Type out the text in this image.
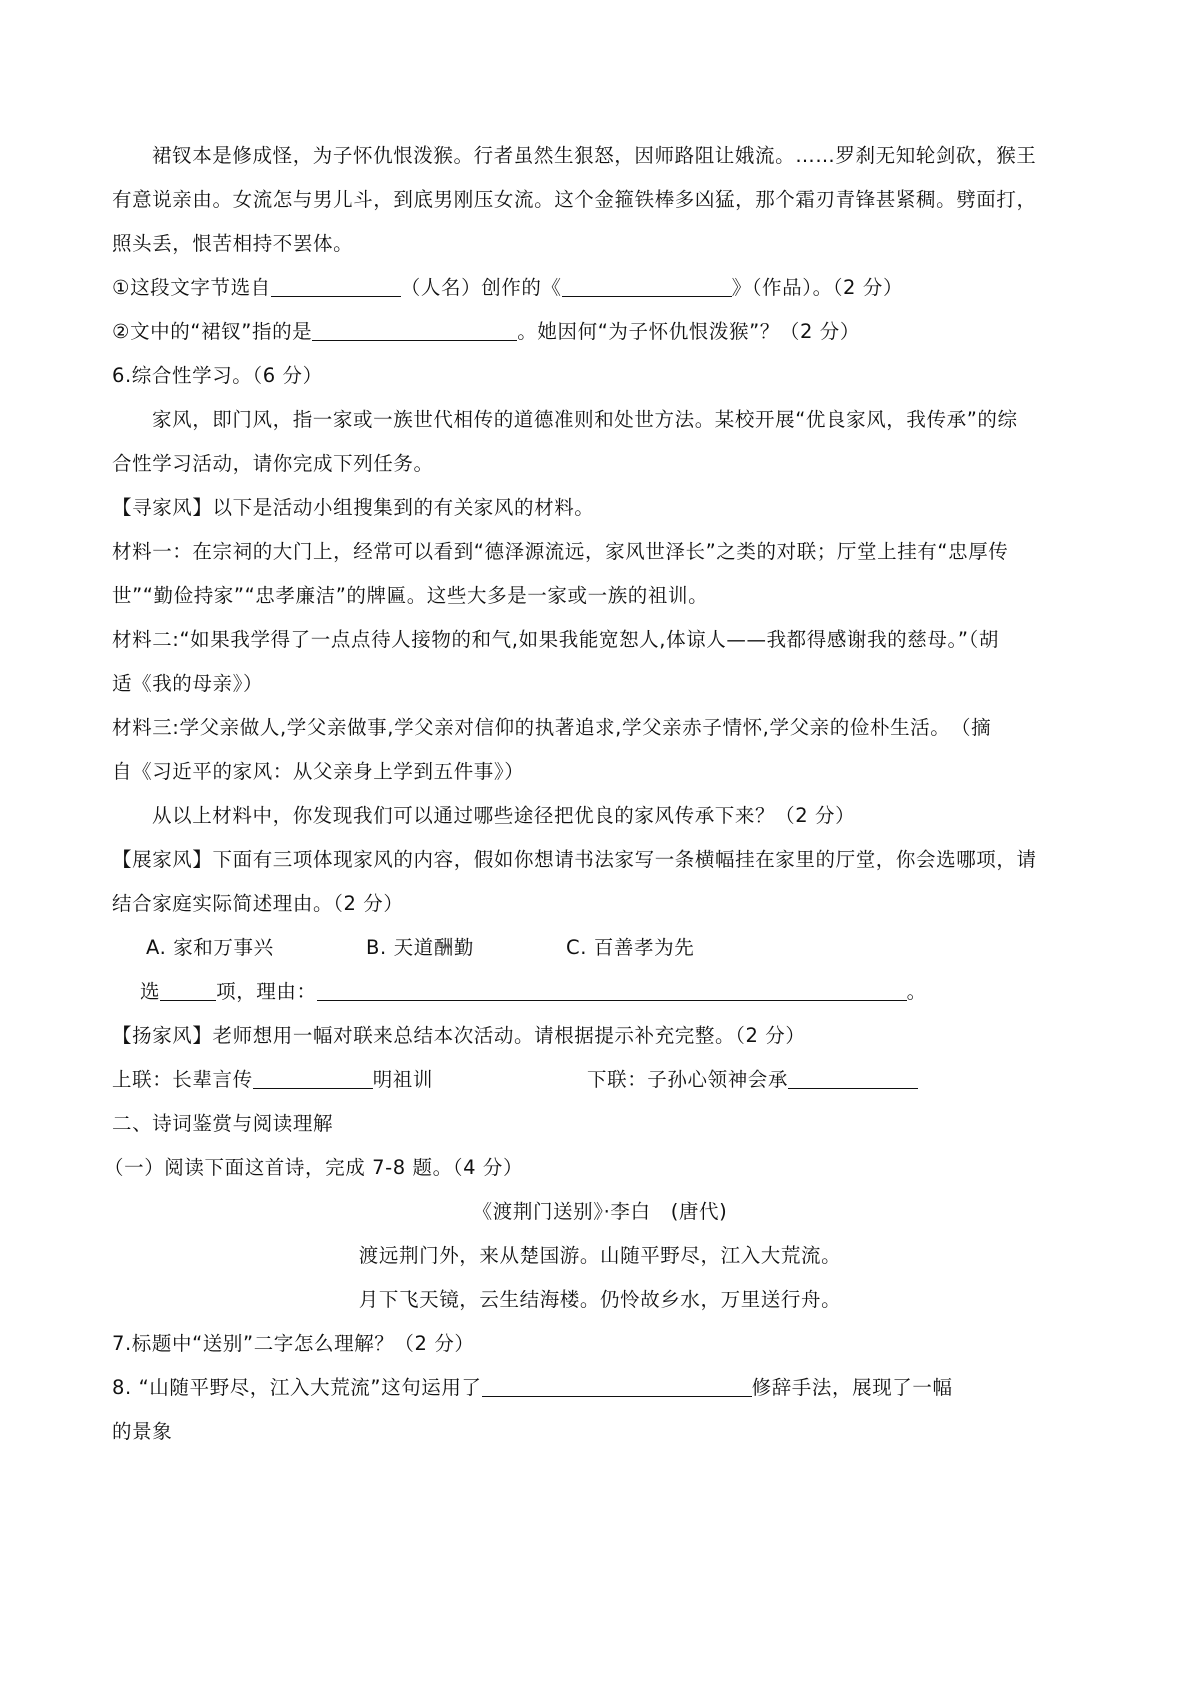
裙钗本是修成怪，为子怀仇恨泼猴。行者虽然生狠怒，因师路阻让娥流。……罗刹无知轮剑砍，猴王
有意说亲由。女流怎与男儿斗，到底男刚压女流。这个金箍铁棒多凶猛，那个霜刃青锋甚紧稠。劈面打，
照头丢，恨苦相持不罢体。
①这段文字节选自	（人名）创作的《	》（作品）。（2 分）
②文中的“裙钗”指的是	。她因何“为子怀仇恨泼猴”？（2 分）
6.综合性学习。（6 分）
家风，即门风，指一家或一族世代相传的道德准则和处世方法。某校开展“优良家风，我传承”的综
合性学习活动，请你完成下列任务。
【寻家风】以下是活动小组搜集到的有关家风的材料。
材料一：在宗祠的大门上，经常可以看到“德泽源流远，家风世泽长”之类的对联；厅堂上挂有“忠厚传
世”“勤俭持家”“忠孝廉洁”的牌匾。这些大多是一家或一族的祖训。
材料二:“如果我学得了一点点待人接物的和气,如果我能宽恕人,体谅人——我都得感谢我的慈母。”（胡
适《我的母亲》）
材料三:学父亲做人,学父亲做事,学父亲对信仰的执著追求,学父亲赤子情怀,学父亲的俭朴生活。　（摘
自《习近平的家风：从父亲身上学到五件事》）
从以上材料中，你发现我们可以通过哪些途径把优良的家风传承下来？（2 分）
【展家风】下面有三项体现家风的内容，假如你想请书法家写一条横幅挂在家里的厅堂，你会选哪项，请
结合家庭实际简述理由。（2 分）
A. 家和万事兴	B. 天道酬勤	C. 百善孝为先
选	项，理由：	。
【扬家风】老师想用一幅对联来总结本次活动。请根据提示补充完整。（2 分）
上联：长辈言传	明祖训	下联：子孙心领神会承
二、诗词鉴赏与阅读理解
（一）阅读下面这首诗，完成 7-8 题。（4 分）
《渡荆门送别》·李白　(唐代)
渡远荆门外，来从楚国游。山随平野尽，江入大荒流。
月下飞天镜，云生结海楼。仍怜故乡水，万里送行舟。
7.标题中“送别”二字怎么理解？（2 分）
8. “山随平野尽，江入大荒流”这句运用了	修辞手法，展现了一幅
的景象
